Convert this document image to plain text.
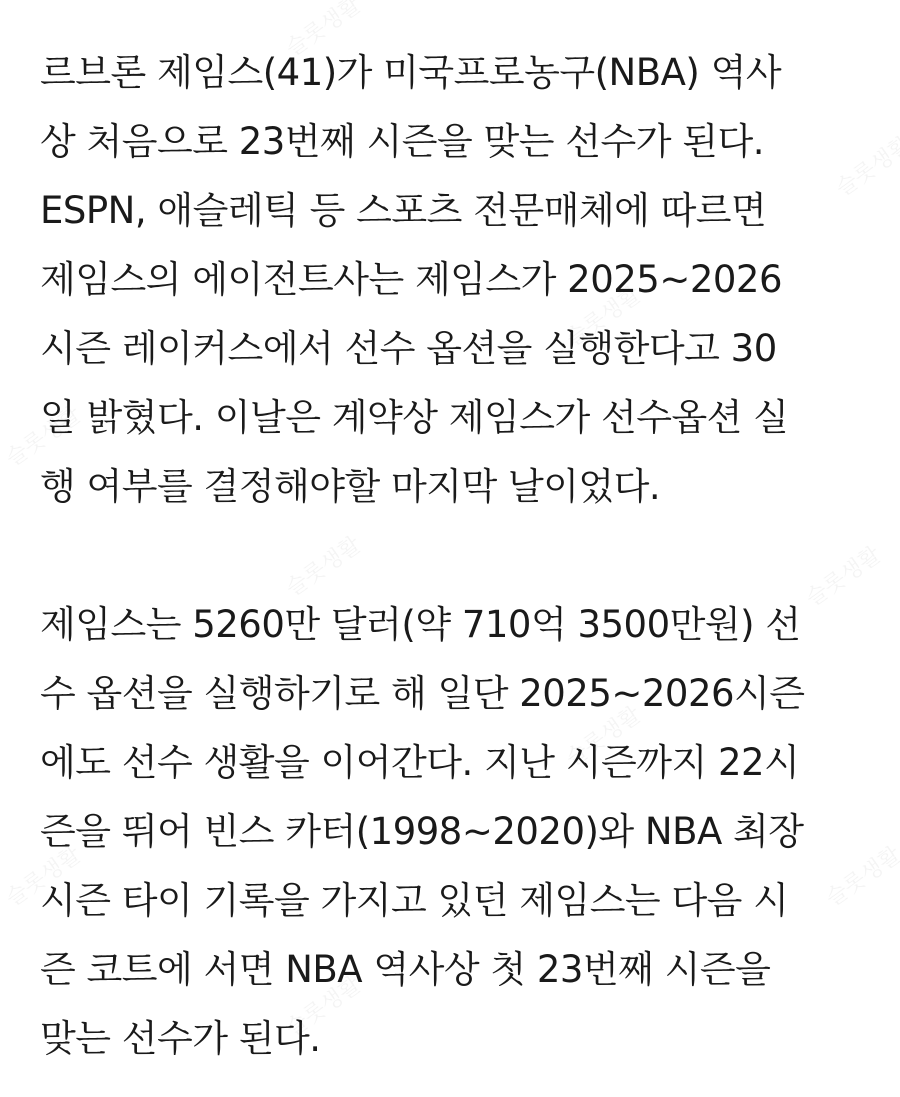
르브론 제임스(41)가 미국프로농구(NBA) 역사
상 처음으로 23번째 시즌을 맞는 선수가 된다.
ESPN, 애슬레틱 등 스포츠 전문매체에 따르면
제임스의 에이전트사는 제임스가 2025~2026
시즌 레이커스에서 선수 옵션을 실행한다고 30
일 밝혔다. 이날은 계약상 제임스가 선수옵션 실
행 여부를 결정해야할 마지막 날이었다.

제임스는 5260만 달러(약 710억 3500만원) 선
수 옵션을 실행하기로 해 일단 2025~2026시즌
에도 선수 생활을 이어간다. 지난 시즌까지 22시
즌을 뛰어 빈스 카터(1998~2020)와 NBA 최장
시즌 타이 기록을 가지고 있던 제임스는 다음 시
즌 코트에 서면 NBA 역사상 첫 23번째 시즌을
맞는 선수가 된다.
